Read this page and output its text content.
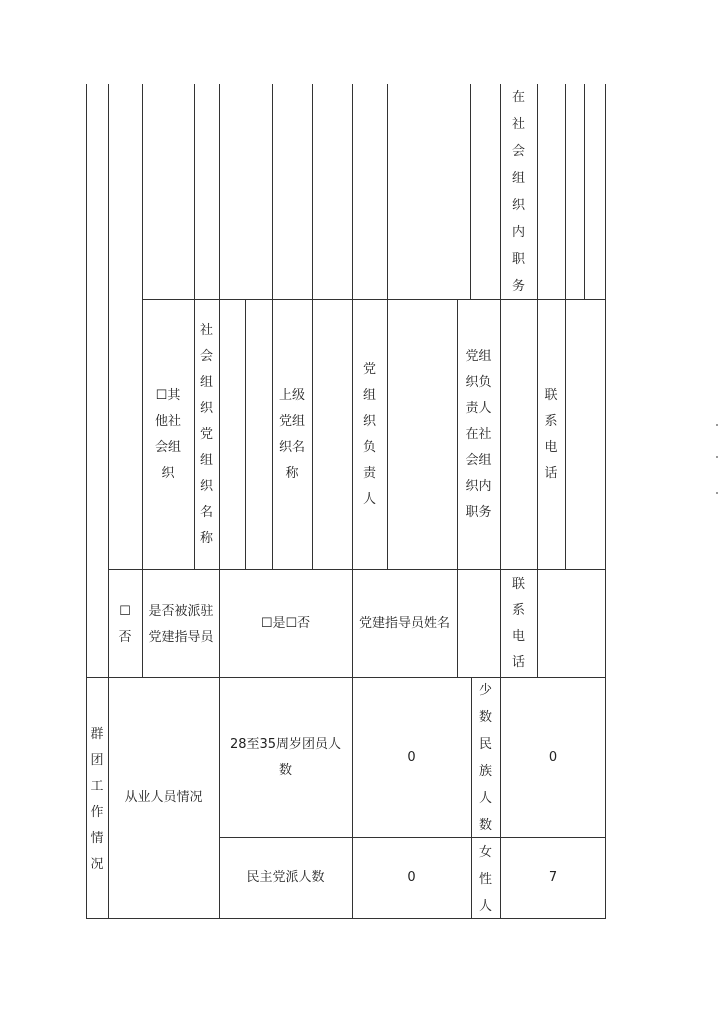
在社会组织内职务
☐其他社会组织
社会组织党组织名称
上级党组织名称
党组织负责人
党组织负责人在社会组织内职务
联系电话
☐否
是否被派驻党建指导员
☐是☐否	党建指导员姓名
联系电话
群团工作情况
从业人员情况
28至35周岁团员人数
0
少数民族人数
0
民主党派人数	0
女性人
7
